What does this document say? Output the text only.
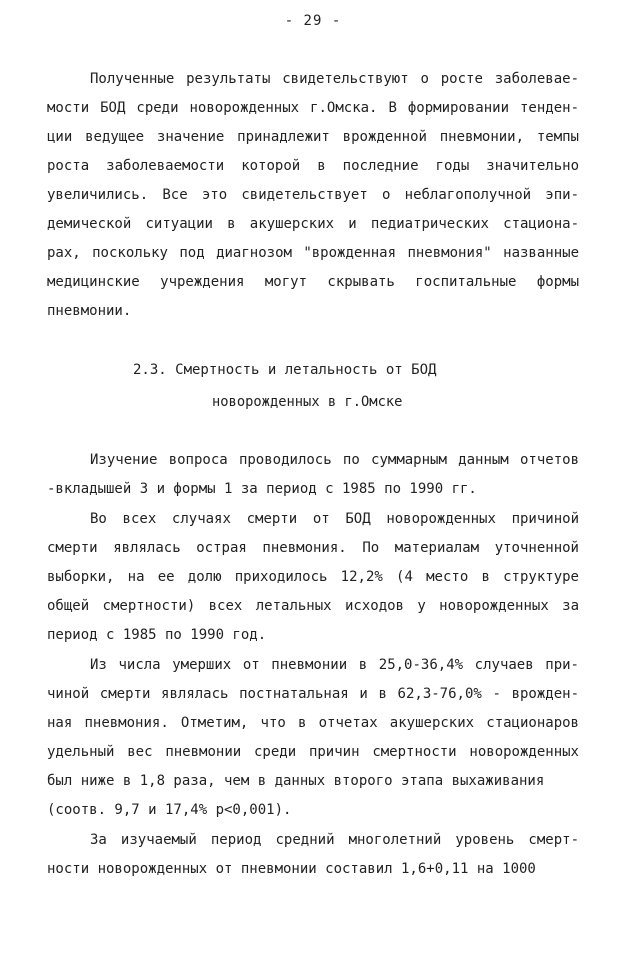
- 29 -
Полученные результаты свидетельствуют о росте заболевае-
мости БОД среди новорожденных г.Омска. В формировании тенден-
ции ведущее значение принадлежит врожденной пневмонии, темпы
роста заболеваемости которой в последние годы значительно
увеличились. Все это свидетельствует о неблагополучной эпи-
демической ситуации в акушерских и педиатрических стациона-
рах, поскольку под диагнозом "врожденная пневмония" названные
медицинские учреждения могут скрывать госпитальные формы
пневмонии.
2.3. Смертность и летальность от БОД
новорожденных в г.Омске
Изучение вопроса проводилось по суммарным данным отчетов
-вкладышей 3 и формы 1 за период с 1985 по 1990 гг.
Во всех случаях смерти от БОД новорожденных причиной
смерти являлась острая пневмония. По материалам уточненной
выборки, на ее долю приходилось 12,2% (4 место в структуре
общей смертности) всех летальных исходов у новорожденных за
период с 1985 по 1990 год.
Из числа умерших от пневмонии в 25,0-36,4% случаев при-
чиной смерти являлась постнатальная и в 62,3-76,0% - врожден-
ная пневмония. Отметим, что в отчетах акушерских стационаров
удельный вес пневмонии среди причин смертности новорожденных
был ниже в 1,8 раза, чем в данных второго этапа выхаживания
(соотв. 9,7 и 17,4% р<0,001).
За изучаемый период средний многолетний уровень смерт-
ности новорожденных от пневмонии составил 1,6+0,11 на 1000
